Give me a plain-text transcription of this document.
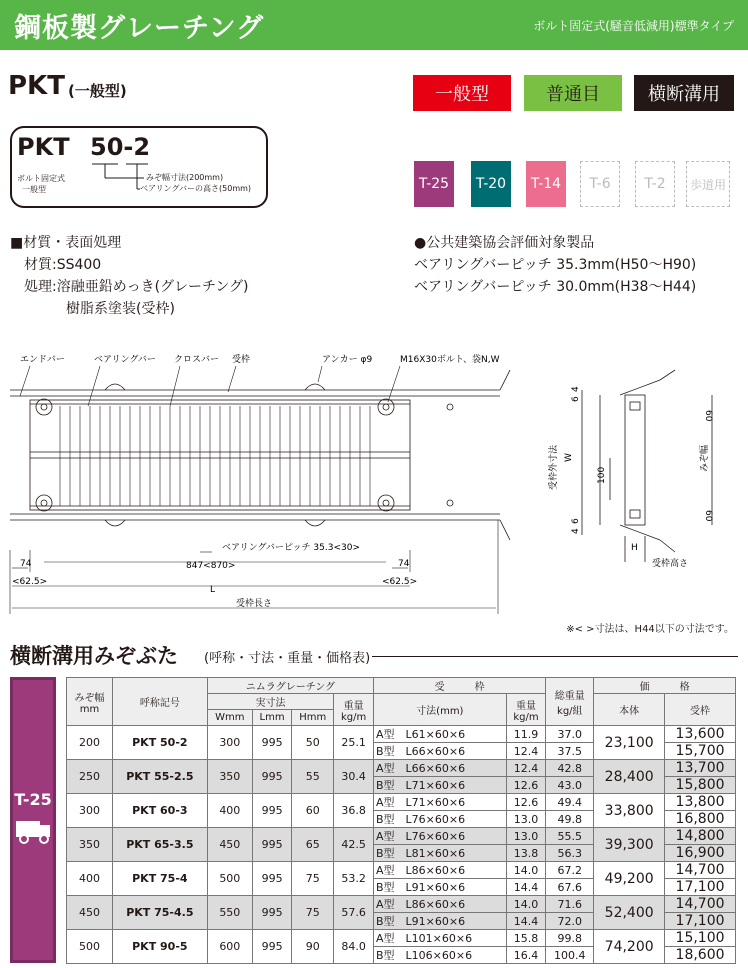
鋼板製グレーチング	ボルト固定式(騒音低減用)標準タイプ
PKT (一般型)	一般型	普通目	横断溝用
PKT 50-2
ボルト固定式
一般型
みぞ幅寸法(200mm)
ベアリングバーの高さ(50mm)	T-25	T-20	T-14	T-6	T-2	歩道用
■材質・表面処理
材質:SS400
処理:溶融亜鉛めっき(グレーチング)
樹脂系塗装(受枠)
●公共建築協会評価対象製品
ベアリングバーピッチ 35.3mm(H50〜H90)
ベアリングバーピッチ 30.0mm(H38〜H44)
エンドバー	ベアリングバー クロスバー 受枠	アンカー φ9	M16X30ボルト、袋N,W
ベアリングバーピッチ 35.3<30>
847<870>
74	74
<62.5>	<62.5>
L
受枠長さ
受枠外寸法 W	みぞ幅
100
60
60
4
6
6
4
H
受枠高さ
※< >寸法は、H44以下の寸法です。
横断溝用みぞぶた (呼称・寸法・重量・価格表)
T-25
みぞ幅
mm	呼称記号	ニムラグレーチング				受　　　枠		総重量
kg/組	価　　　格	
		実寸法			重量
kg/m	寸法(mm)	重量
kg/m		本体	受枠
		Wmm	Lmm	Hmm						
200	PKT 50-2	300	995	50	25.1	A型　L61×60×6	11.9	37.0	23,100	13,600
						B型　L66×60×6	12.4	37.5		15,700
250	PKT 55-2.5	350	995	55	30.4	A型　L66×60×6	12.4	42.8	28,400	13,700
						B型　L71×60×6	12.6	43.0		15,800
300	PKT 60-3	400	995	60	36.8	A型　L71×60×6	12.6	49.4	33,800	13,800
						B型　L76×60×6	13.0	49.8		16,800
350	PKT 65-3.5	450	995	65	42.5	A型　L76×60×6	13.0	55.5	39,300	14,800
						B型　L81×60×6	13.8	56.3		16,900
400	PKT 75-4	500	995	75	53.2	A型　L86×60×6	14.0	67.2	49,200	14,700
						B型　L91×60×6	14.4	67.6		17,100
450	PKT 75-4.5	550	995	75	57.6	A型　L86×60×6	14.0	71.6	52,400	14,700
						B型　L91×60×6	14.4	72.0		17,100
500	PKT 90-5	600	995	90	84.0	A型　L101×60×6	15.8	99.8	74,200	15,100
						B型　L106×60×6	16.4	100.4		18,600
